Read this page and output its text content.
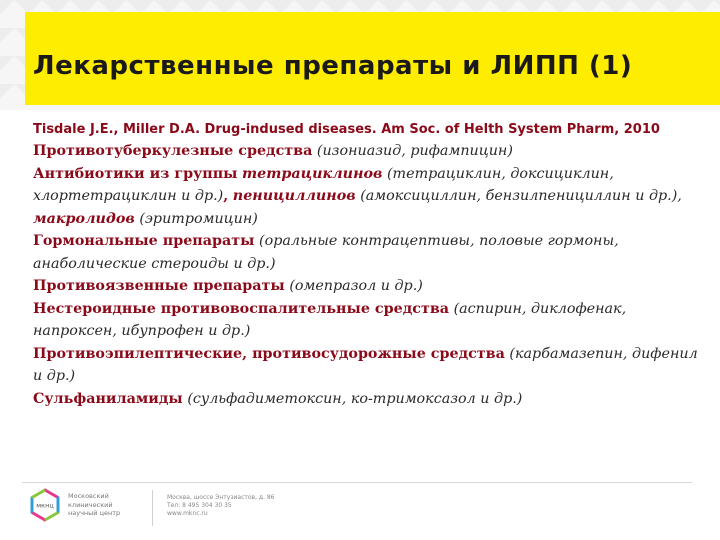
Лекарственные препараты и ЛИПП (1)

Tisdale J.E., Miller D.A. Drug-indused diseases. Am Soc. of Helth System Pharm, 2010

Противотуберкулезные средства (изониазид, рифампицин)

Антибиотики из группы тетрациклинов (тетрациклин, доксициклин, хлортетрациклин и др.), пенициллинов (амоксициллин, бензилпенициллин и др.), макролидов (эритромицин)

Гормональные препараты (оральные контрацептивы, половые гормоны, анаболические стероиды и др.)

Противоязвенные препараты (омепразол и др.)

Нестероидные противовоспалительные средства (аспирин, диклофенак, напроксен, ибупрофен и др.)

Противоэпилептические, противосудорожные средства (карбамазепин, дифенил и др.)

Сульфаниламиды (сульфадиметоксин, ко-тримоксазол и др.)

мкнц
Московский
клинический
научный центр
Москва, шоссе Энтузиастов, д. 86
Тел: 8 495 304 30 35
www.mknc.ru
